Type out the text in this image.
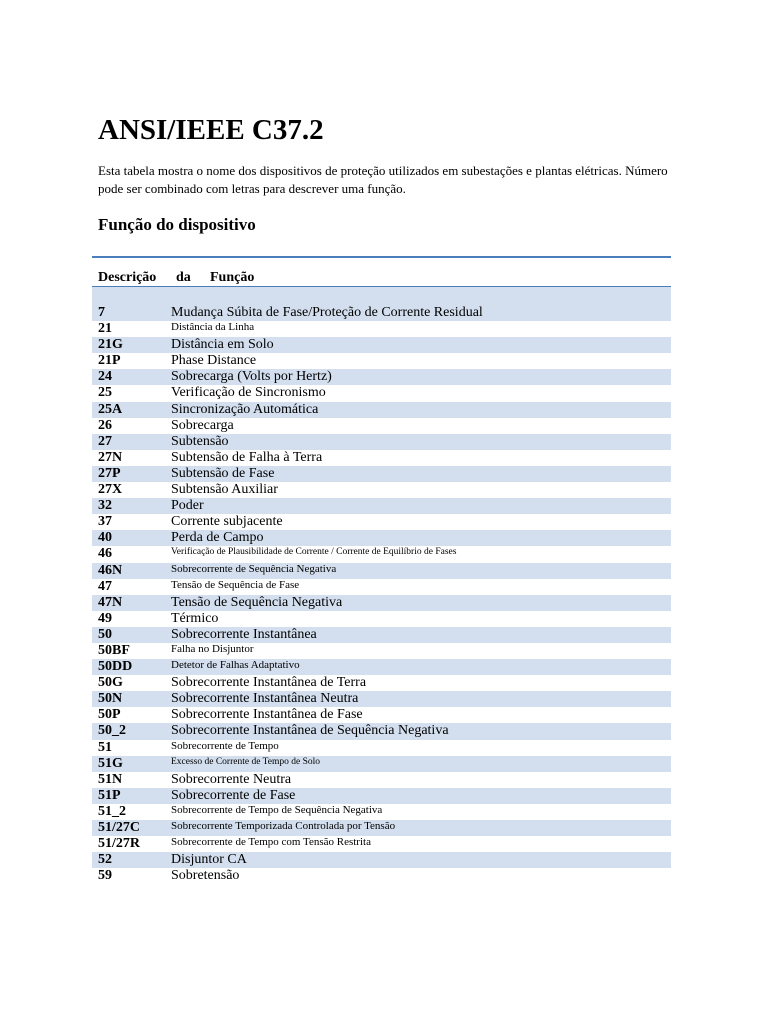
ANSI/IEEE C37.2

Esta tabela mostra o nome dos dispositivos de proteção utilizados em subestações e plantas elétricas. Número pode ser combinado com letras para descrever uma função.

Função do dispositivo
Descrição da Função
7	Mudança Súbita de Fase/Proteção de Corrente Residual
21	Distância da Linha
21G	Distância em Solo
21P	Phase Distance
24	Sobrecarga (Volts por Hertz)
25	Verificação de Sincronismo
25A	Sincronização Automática
26	Sobrecarga
27	Subtensão
27N	Subtensão de Falha à Terra
27P	Subtensão de Fase
27X	Subtensão Auxiliar
32	Poder
37	Corrente subjacente
40	Perda de Campo
46	Verificação de Plausibilidade de Corrente / Corrente de Equilíbrio de Fases
46N	Sobrecorrente de Sequência Negativa
47	Tensão de Sequência de Fase
47N	Tensão de Sequência Negativa
49	Térmico
50	Sobrecorrente Instantânea
50BF	Falha no Disjuntor
50DD	Detetor de Falhas Adaptativo
50G	Sobrecorrente Instantânea de Terra
50N	Sobrecorrente Instantânea Neutra
50P	Sobrecorrente Instantânea de Fase
50_2	Sobrecorrente Instantânea de Sequência Negativa
51	Sobrecorrente de Tempo
51G	Excesso de Corrente de Tempo de Solo
51N	Sobrecorrente Neutra
51P	Sobrecorrente de Fase
51_2	Sobrecorrente de Tempo de Sequência Negativa
51/27C	Sobrecorrente Temporizada Controlada por Tensão
51/27R	Sobrecorrente de Tempo com Tensão Restrita
52	Disjuntor CA
59	Sobretensão
